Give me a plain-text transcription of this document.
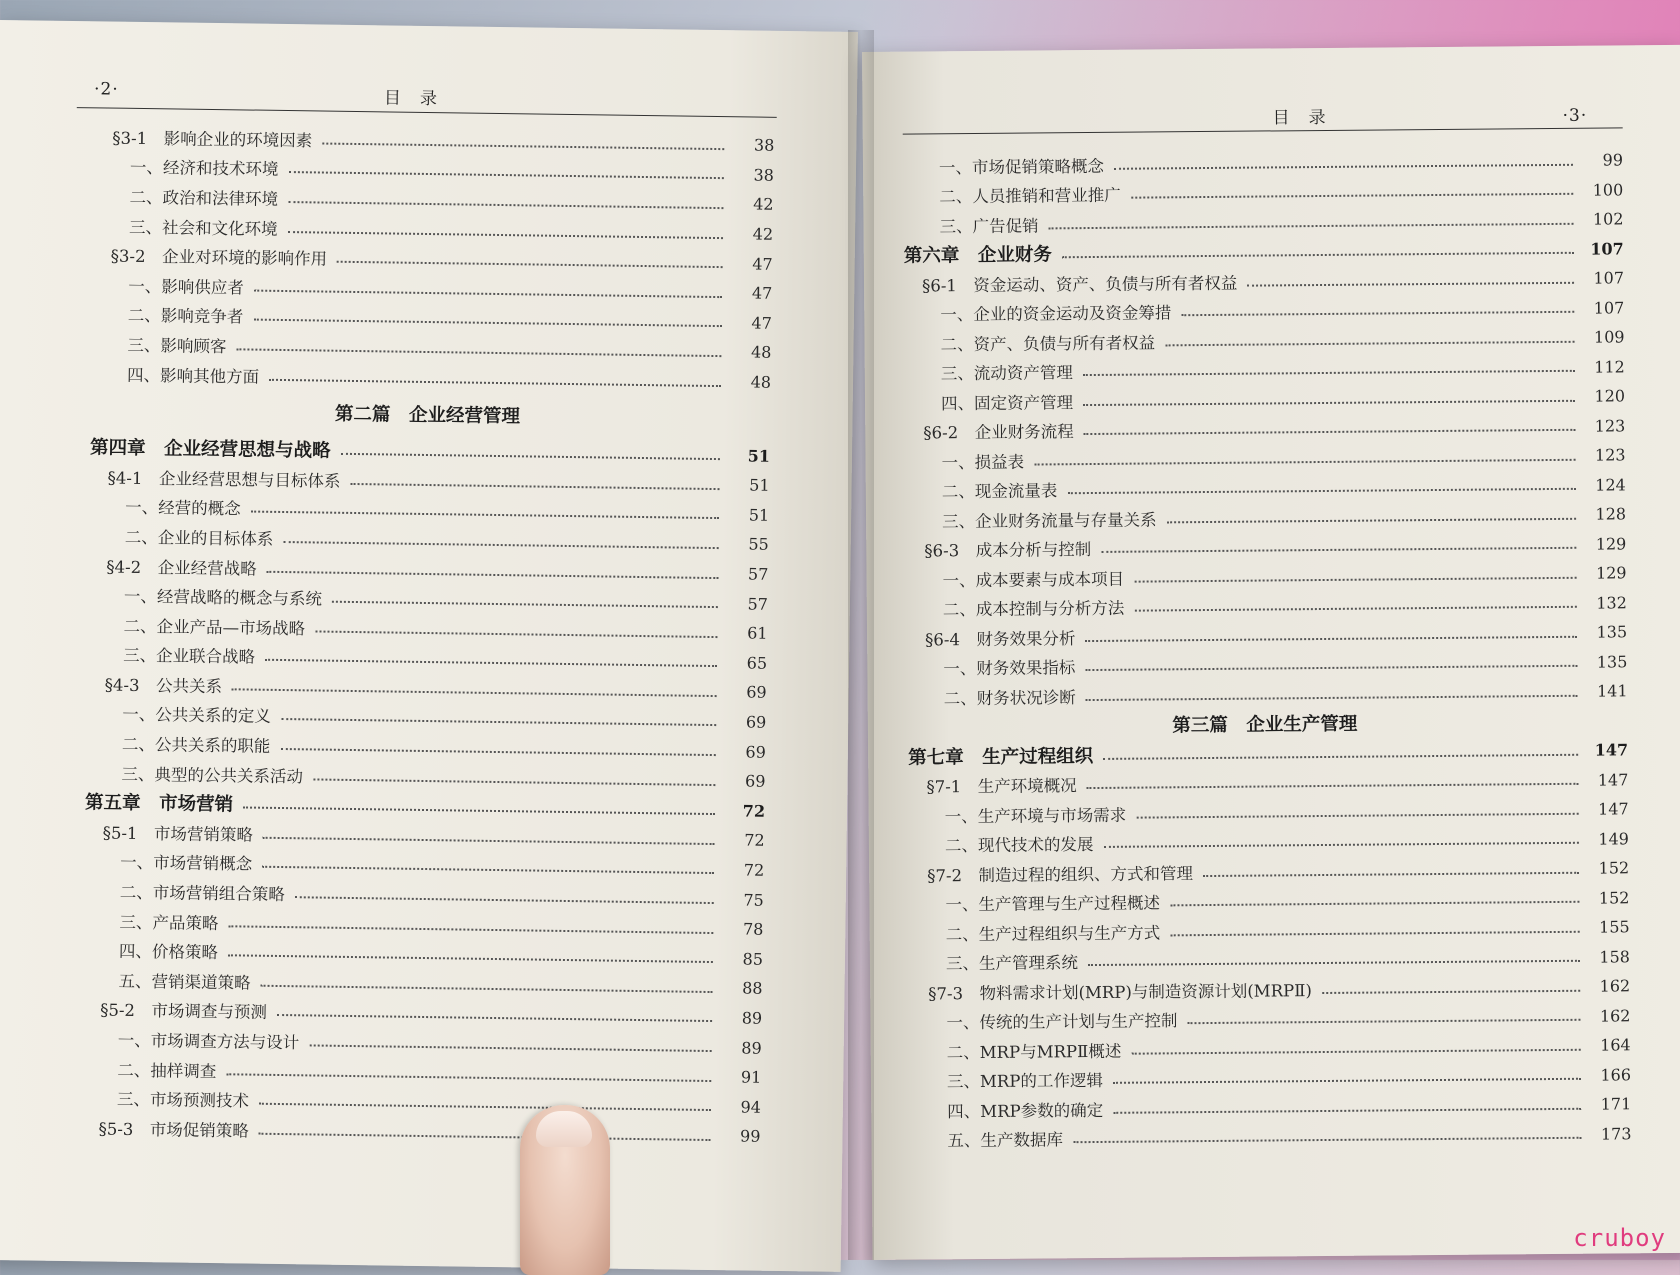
·2·	目　录
§3-1　影响企业的环境因素	38
一、经济和技术环境	38
二、政治和法律环境	42
三、社会和文化环境	42
§3-2　企业对环境的影响作用	47
一、影响供应者	47
二、影响竞争者	47
三、影响顾客	48
四、影响其他方面	48
第二篇　企业经营管理
第四章　企业经营思想与战略	51
§4-1　企业经营思想与目标体系	51
一、经营的概念	51
二、企业的目标体系	55
§4-2　企业经营战略	57
一、经营战略的概念与系统	57
二、企业产品—市场战略	61
三、企业联合战略	65
§4-3　公共关系	69
一、公共关系的定义	69
二、公共关系的职能	69
三、典型的公共关系活动	69
第五章　市场营销	72
§5-1　市场营销策略	72
一、市场营销概念	72
二、市场营销组合策略	75
三、产品策略	78
四、价格策略	85
五、营销渠道策略	88
§5-2　市场调查与预测	89
一、市场调查方法与设计	89
二、抽样调查	91
三、市场预测技术	94
§5-3　市场促销策略	99
目　录	·3·
一、市场促销策略概念	99
二、人员推销和营业推广	100
三、广告促销	102
第六章　企业财务	107
§6-1　资金运动、资产、负债与所有者权益	107
一、企业的资金运动及资金筹措	107
二、资产、负债与所有者权益	109
三、流动资产管理	112
四、固定资产管理	120
§6-2　企业财务流程	123
一、损益表	123
二、现金流量表	124
三、企业财务流量与存量关系	128
§6-3　成本分析与控制	129
一、成本要素与成本项目	129
二、成本控制与分析方法	132
§6-4　财务效果分析	135
一、财务效果指标	135
二、财务状况诊断	141
第三篇　企业生产管理
第七章　生产过程组织	147
§7-1　生产环境概况	147
一、生产环境与市场需求	147
二、现代技术的发展	149
§7-2　制造过程的组织、方式和管理	152
一、生产管理与生产过程概述	152
二、生产过程组织与生产方式	155
三、生产管理系统	158
§7-3　物料需求计划(MRP)与制造资源计划(MRPⅡ)	162
一、传统的生产计划与生产控制	162
二、MRP与MRPⅡ概述	164
三、MRP的工作逻辑	166
四、MRP参数的确定	171
五、生产数据库	173
cruboy
